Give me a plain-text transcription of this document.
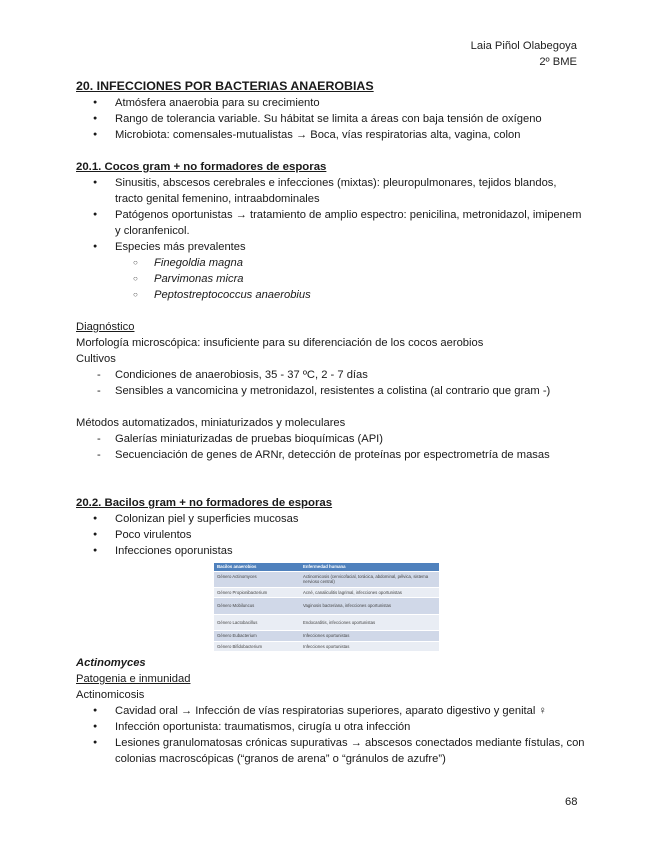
Laia Piñol Olabegoya
2º BME
20. INFECCIONES POR BACTERIAS ANAEROBIAS
● Atmósfera anaerobia para su crecimiento
● Rango de tolerancia variable. Su hábitat se limita a áreas con baja tensión de oxígeno
● Microbiota: comensales-mutualistas → Boca, vías respiratorias alta, vagina, colon
20.1. Cocos gram + no formadores de esporas
● Sinusitis, abscesos cerebrales e infecciones (mixtas): pleuropulmonares, tejidos blandos, tracto genital femenino, intraabdominales
● Patógenos oportunistas → tratamiento de amplio espectro: penicilina, metronidazol, imipenem y cloranfenicol.
● Especies más prevalentes
○ Finegoldia magna
○ Parvimonas micra
○ Peptostreptococcus anaerobius
Diagnóstico
Morfología microscópica: insuficiente para su diferenciación de los cocos aerobios
Cultivos
- Condiciones de anaerobiosis, 35 - 37 ºC, 2 - 7 días
- Sensibles a vancomicina y metronidazol, resistentes a colistina (al contrario que gram -)
Métodos automatizados, miniaturizados y moleculares
- Galerías miniaturizadas de pruebas bioquímicas (API)
- Secuenciación de genes de ARNr, detección de proteínas por espectrometría de masas
20.2. Bacilos gram + no formadores de esporas
● Colonizan piel y superficies mucosas
● Poco virulentos
● Infecciones oporunistas
Bacilos anaerobios	Enfermedad humana
Género Actinomyces	Actinomicosis (cervicofacial, torácica, abdominal, pélvica, sistema nervioso central)
Género Propionibacterium	Acné, canaliculitis lagrimal, infecciones oportunistas
Género Mobiluncus	Vaginosis bacteriana, infecciones oportunistas
Género Lactobacillus	Endocarditis, infecciones oportunistas
Género Eubacterium	Infecciones oportunistas
Género Bifidobacterium	Infecciones oportunistas
Actinomyces
Patogenia e inmunidad
Actinomicosis
● Cavidad oral → Infección de vías respiratorias superiores, aparato digestivo y genital ♀
● Infección oportunista: traumatismos, cirugía u otra infección
● Lesiones granulomatosas crónicas supurativas → abscesos conectados mediante fístulas, con colonias macroscópicas (“granos de arena” o “gránulos de azufre”)
68
